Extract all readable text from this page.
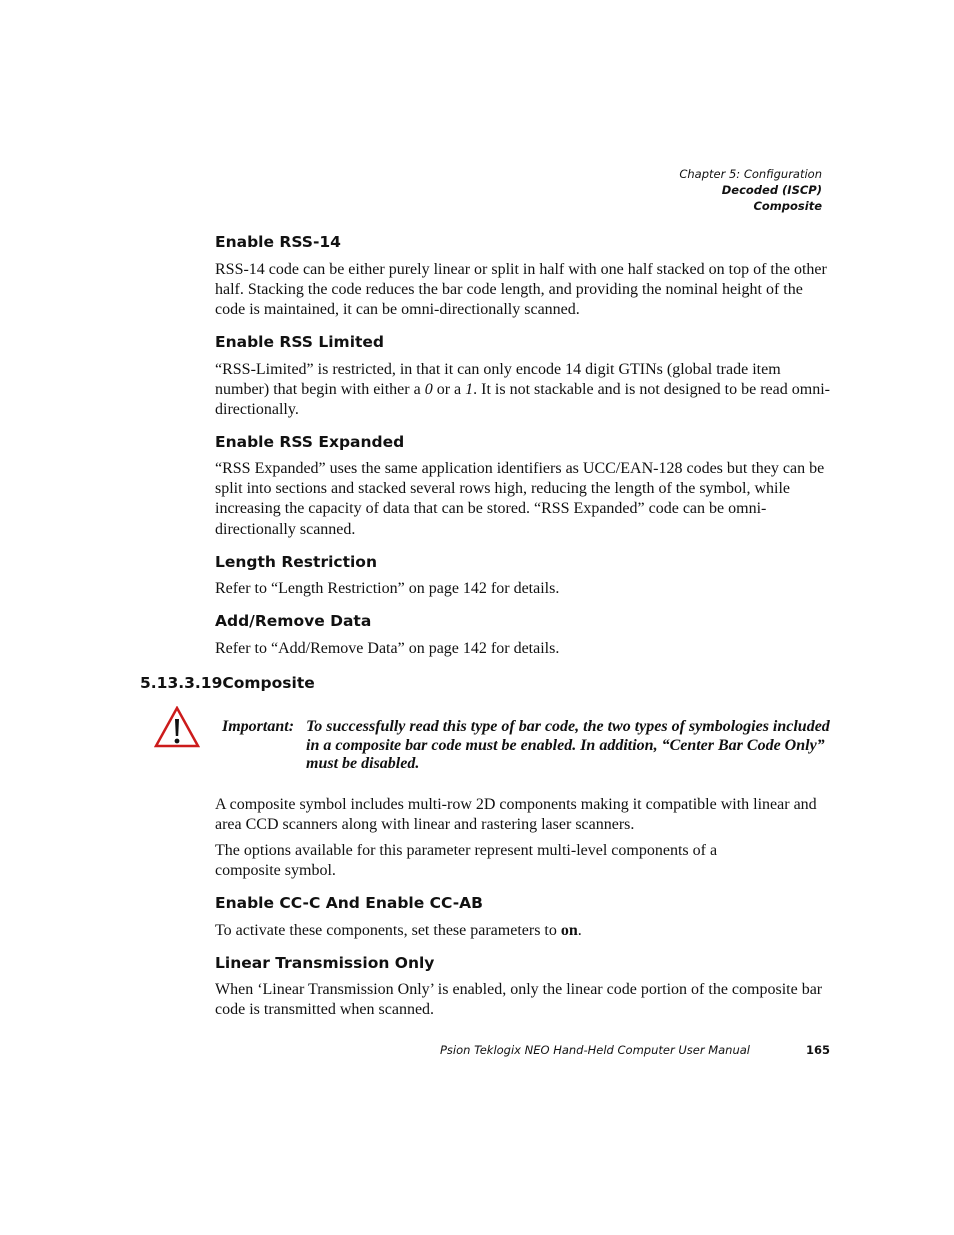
Chapter 5: Configuration
Decoded (ISCP)
Composite
Enable RSS-14

RSS-14 code can be either purely linear or split in half with one half stacked on top of the other half. Stacking the code reduces the bar code length, and providing the nominal height of the code is maintained, it can be omni-directionally scanned.

Enable RSS Limited

“RSS-Limited” is restricted, in that it can only encode 14 digit GTINs (global trade item number) that begin with either a 0 or a 1. It is not stackable and is not designed to be read omni-directionally.

Enable RSS Expanded

“RSS Expanded” uses the same application identifiers as UCC/EAN-128 codes but they can be split into sections and stacked several rows high, reducing the length of the symbol, while increasing the capacity of data that can be stored. “RSS Expanded” code can be omni-directionally scanned.

Length Restriction

Refer to “Length Restriction” on page 142 for details.

Add/Remove Data

Refer to “Add/Remove Data” on page 142 for details.

5.13.3.19Composite
Important: To successfully read this type of bar code, the two types of symbologies included in a composite bar code must be enabled. In addition, “Center Bar Code Only” must be disabled.

A composite symbol includes multi-row 2D components making it compatible with linear and area CCD scanners along with linear and rastering laser scanners.

The options available for this parameter represent multi-level components of a composite symbol.

Enable CC-C And Enable CC-AB

To activate these components, set these parameters to on.

Linear Transmission Only

When ‘Linear Transmission Only’ is enabled, only the linear code portion of the composite bar code is transmitted when scanned.

Psion Teklogix NEO Hand-Held Computer User Manual	165
